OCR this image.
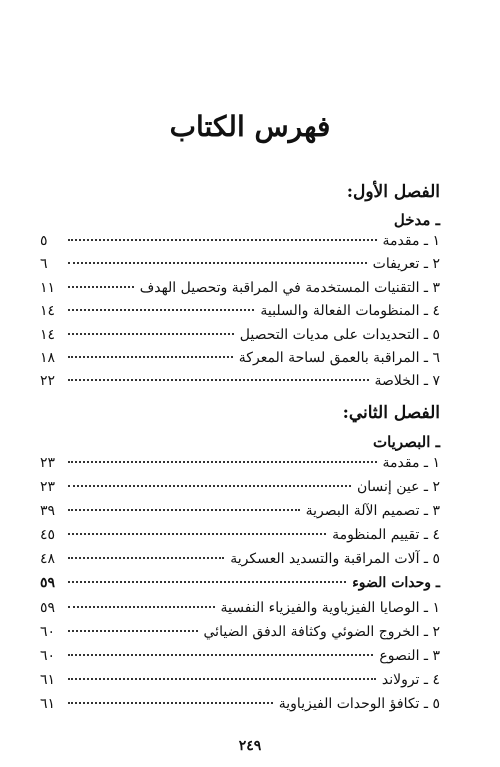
فهرس الكتاب
الفصل الأول:
ـ مدخل
١ ـ مقدمة
٥
٢ ـ تعريفات
٦
٣ ـ التقنيات المستخدمة في المراقبة وتحصيل الهدف
١١
٤ ـ المنظومات الفعالة والسلبية
١٤
٥ ـ التحديدات على مديات التحصيل
١٤
٦ ـ المراقبة بالعمق لساحة المعركة
١٨
٧ ـ الخلاصة
٢٢
الفصل الثاني:
ـ البصريات
١ ـ مقدمة
٢٣
٢ ـ عين إنسان
٢٣
٣ ـ تصميم الآلة البصرية
٣٩
٤ ـ تقييم المنظومة
٤٥
٥ ـ آلات المراقبة والتسديد العسكرية
٤٨
ـ وحدات الضوء
٥٩
١ ـ الوصايا الفيزياوية والفيزياء النفسية
٥٩
٢ ـ الخروج الضوئي وكثافة الدفق الضيائي
٦٠
٣ ـ النصوع
٦٠
٤ ـ ترولاند
٦١
٥ ـ تكافؤ الوحدات الفيزياوية
٦١
٢٤٩
